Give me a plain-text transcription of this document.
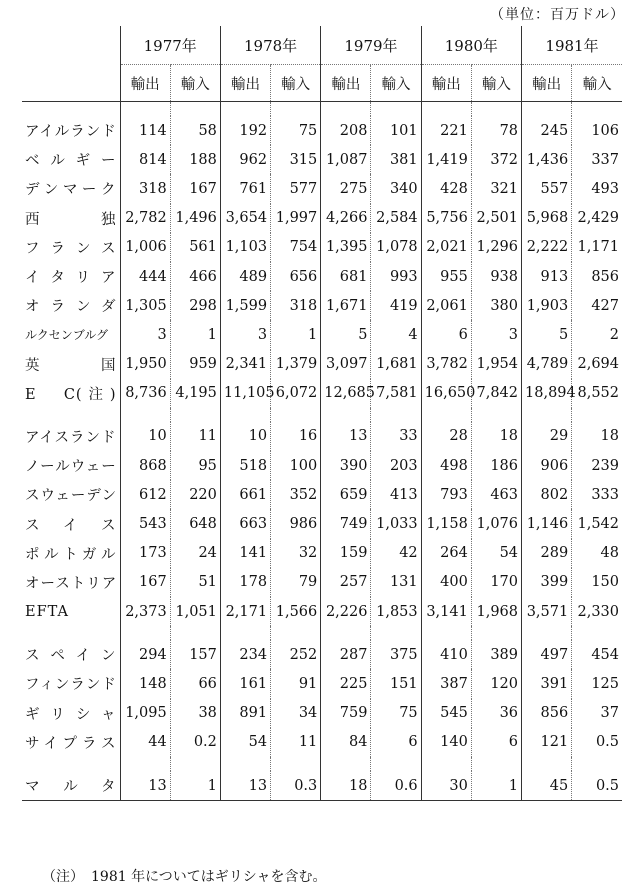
（単位：百万ドル）
	1977年		1978年		1979年		1980年		1981年	
	輸出	輸入	輸出	輸入	輸出	輸入	輸出	輸入	輸出	輸入

アイルランド	114	58	192	75	208	101	221	78	245	106
ベルギー	814	188	962	315	1,087	381	1,419	372	1,436	337
デンマーク	318	167	761	577	275	340	428	321	557	493
西　独	2,782	1,496	3,654	1,997	4,266	2,584	5,756	2,501	5,968	2,429
フランス	1,006	561	1,103	754	1,395	1,078	2,021	1,296	2,222	1,171
イタリア	444	466	489	656	681	993	955	938	913	856
オランダ	1,305	298	1,599	318	1,671	419	2,061	380	1,903	427
ルクセンブルグ	3	1	3	1	5	4	6	3	5	2
英　国	1,950	959	2,341	1,379	3,097	1,681	3,782	1,954	4,789	2,694
E　C(注)	8,736	4,195	11,105	6,072	12,685	7,581	16,650	7,842	18,894	8,552

アイスランド	10	11	10	16	13	33	28	18	29	18
ノールウェー	868	95	518	100	390	203	498	186	906	239
スウェーデン	612	220	661	352	659	413	793	463	802	333
スイス	543	648	663	986	749	1,033	1,158	1,076	1,146	1,542
ポルトガル	173	24	141	32	159	42	264	54	289	48
オーストリア	167	51	178	79	257	131	400	170	399	150
EFTA	2,373	1,051	2,171	1,566	2,226	1,853	3,141	1,968	3,571	2,330

スペイン	294	157	234	252	287	375	410	389	497	454
フィンランド	148	66	161	91	225	151	387	120	391	125
ギリシャ	1,095	38	891	34	759	75	545	36	856	37
サイプラス	44	0.2	54	11	84	6	140	6	121	0.5

マルタ	13	1	13	0.3	18	0.6	30	1	45	0.5
（注）　1981 年についてはギリシャを含む。
